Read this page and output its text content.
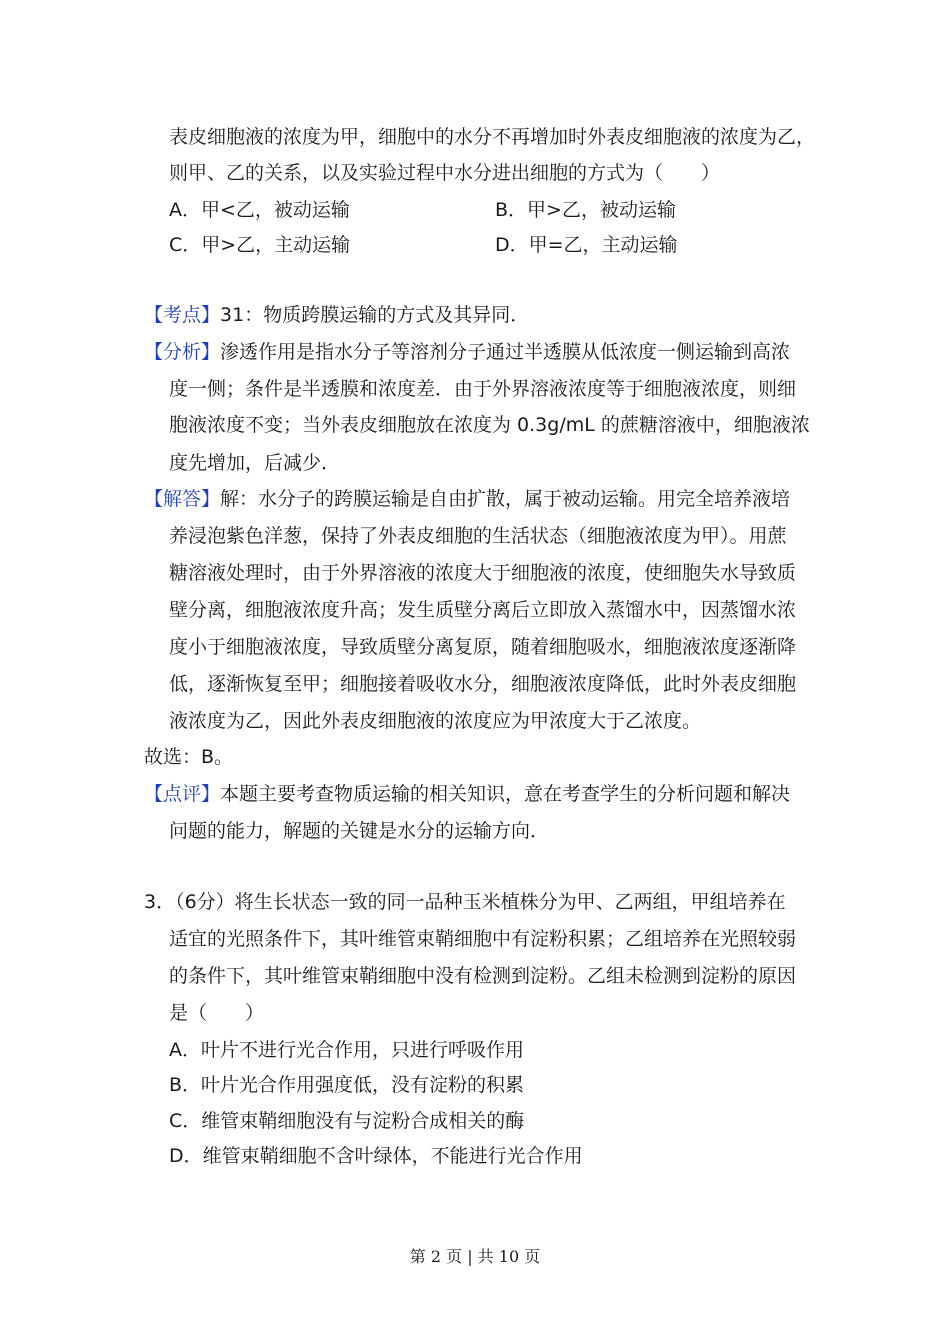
表皮细胞液的浓度为甲，细胞中的水分不再增加时外表皮细胞液的浓度为乙，
则甲、乙的关系，以及实验过程中水分进出细胞的方式为（　　）
A．甲<乙，被动运输	B．甲>乙，被动运输
C．甲>乙，主动运输	D．甲=乙，主动运输
【考点】31：物质跨膜运输的方式及其异同．
【分析】渗透作用是指水分子等溶剂分子通过半透膜从低浓度一侧运输到高浓
度一侧；条件是半透膜和浓度差．由于外界溶液浓度等于细胞液浓度，则细
胞液浓度不变；当外表皮细胞放在浓度为 0.3g/mL 的蔗糖溶液中，细胞液浓
度先增加，后减少．
【解答】解：水分子的跨膜运输是自由扩散，属于被动运输。用完全培养液培
养浸泡紫色洋葱，保持了外表皮细胞的生活状态（细胞液浓度为甲）。用蔗
糖溶液处理时，由于外界溶液的浓度大于细胞液的浓度，使细胞失水导致质
壁分离，细胞液浓度升高；发生质壁分离后立即放入蒸馏水中，因蒸馏水浓
度小于细胞液浓度，导致质壁分离复原，随着细胞吸水，细胞液浓度逐渐降
低，逐渐恢复至甲；细胞接着吸收水分，细胞液浓度降低，此时外表皮细胞
液浓度为乙，因此外表皮细胞液的浓度应为甲浓度大于乙浓度。
故选：B。
【点评】本题主要考查物质运输的相关知识，意在考查学生的分析问题和解决
问题的能力，解题的关键是水分的运输方向．
3．（6分）将生长状态一致的同一品种玉米植株分为甲、乙两组，甲组培养在
适宜的光照条件下，其叶维管束鞘细胞中有淀粉积累；乙组培养在光照较弱
的条件下，其叶维管束鞘细胞中没有检测到淀粉。乙组未检测到淀粉的原因
是（　　）
A．叶片不进行光合作用，只进行呼吸作用
B．叶片光合作用强度低，没有淀粉的积累
C．维管束鞘细胞没有与淀粉合成相关的酶
D．维管束鞘细胞不含叶绿体，不能进行光合作用
第 2 页 | 共 10 页
